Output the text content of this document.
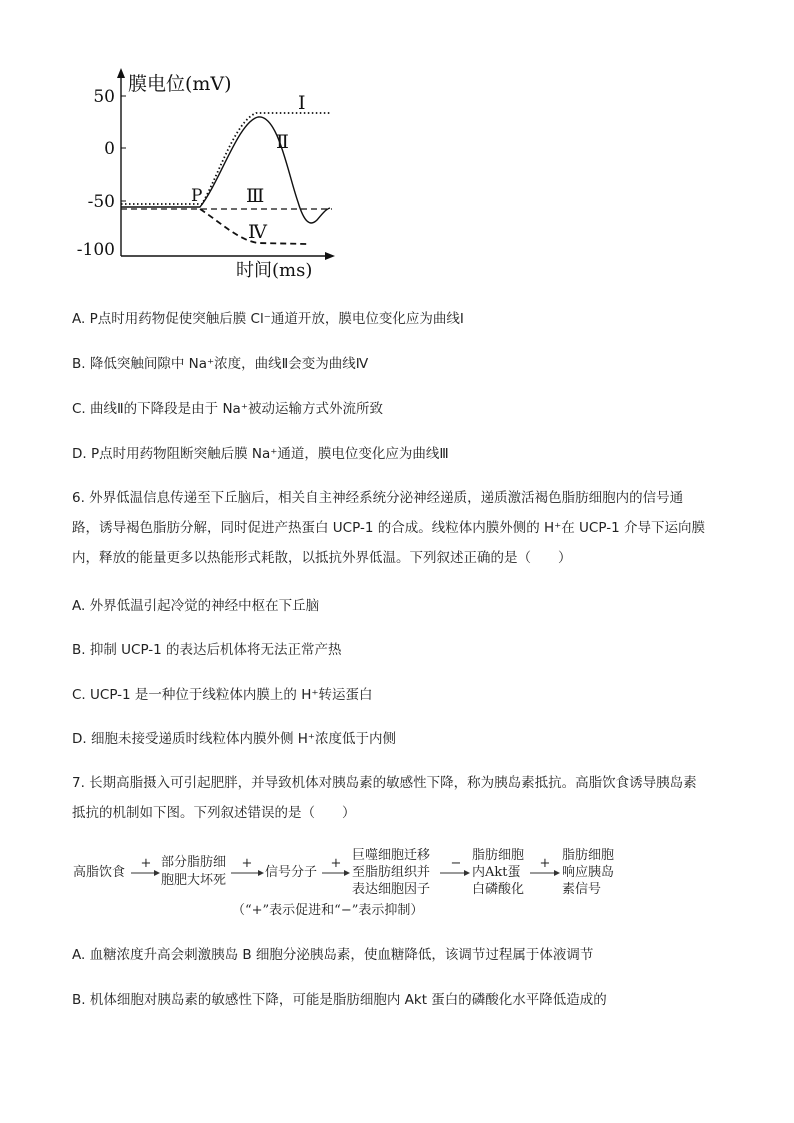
膜电位(mV)
时间(ms)
50
0
-50
-100
P
Ⅰ
Ⅱ
Ⅲ
Ⅳ
A. P点时用药物促使突触后膜 Cl⁻通道开放，膜电位变化应为曲线Ⅰ
B. 降低突触间隙中 Na⁺浓度，曲线Ⅱ会变为曲线Ⅳ
C. 曲线Ⅱ的下降段是由于 Na⁺被动运输方式外流所致
D. P点时用药物阻断突触后膜 Na⁺通道，膜电位变化应为曲线Ⅲ
6. 外界低温信息传递至下丘脑后，相关自主神经系统分泌神经递质，递质激活褐色脂肪细胞内的信号通
路，诱导褐色脂肪分解，同时促进产热蛋白 UCP-1 的合成。线粒体内膜外侧的 H⁺在 UCP-1 介导下运向膜
内，释放的能量更多以热能形式耗散，以抵抗外界低温。下列叙述正确的是（　　）
A. 外界低温引起冷觉的神经中枢在下丘脑
B. 抑制 UCP-1 的表达后机体将无法正常产热
C. UCP-1 是一种位于线粒体内膜上的 H⁺转运蛋白
D. 细胞未接受递质时线粒体内膜外侧 H⁺浓度低于内侧
7. 长期高脂摄入可引起肥胖，并导致机体对胰岛素的敏感性下降，称为胰岛素抵抗。高脂饮食诱导胰岛素
抵抗的机制如下图。下列叙述错误的是（　　）
高脂饮食
+ 部分脂肪细
胞肥大坏死
+
信号分子
+
巨噬细胞迁移
至脂肪组织并
表达细胞因子
−
脂肪细胞
内Akt蛋
白磷酸化
+
脂肪细胞
响应胰岛
素信号
（“+”表示促进和“−”表示抑制）
A. 血糖浓度升高会刺激胰岛 B 细胞分泌胰岛素，使血糖降低，该调节过程属于体液调节
B. 机体细胞对胰岛素的敏感性下降，可能是脂肪细胞内 Akt 蛋白的磷酸化水平降低造成的
